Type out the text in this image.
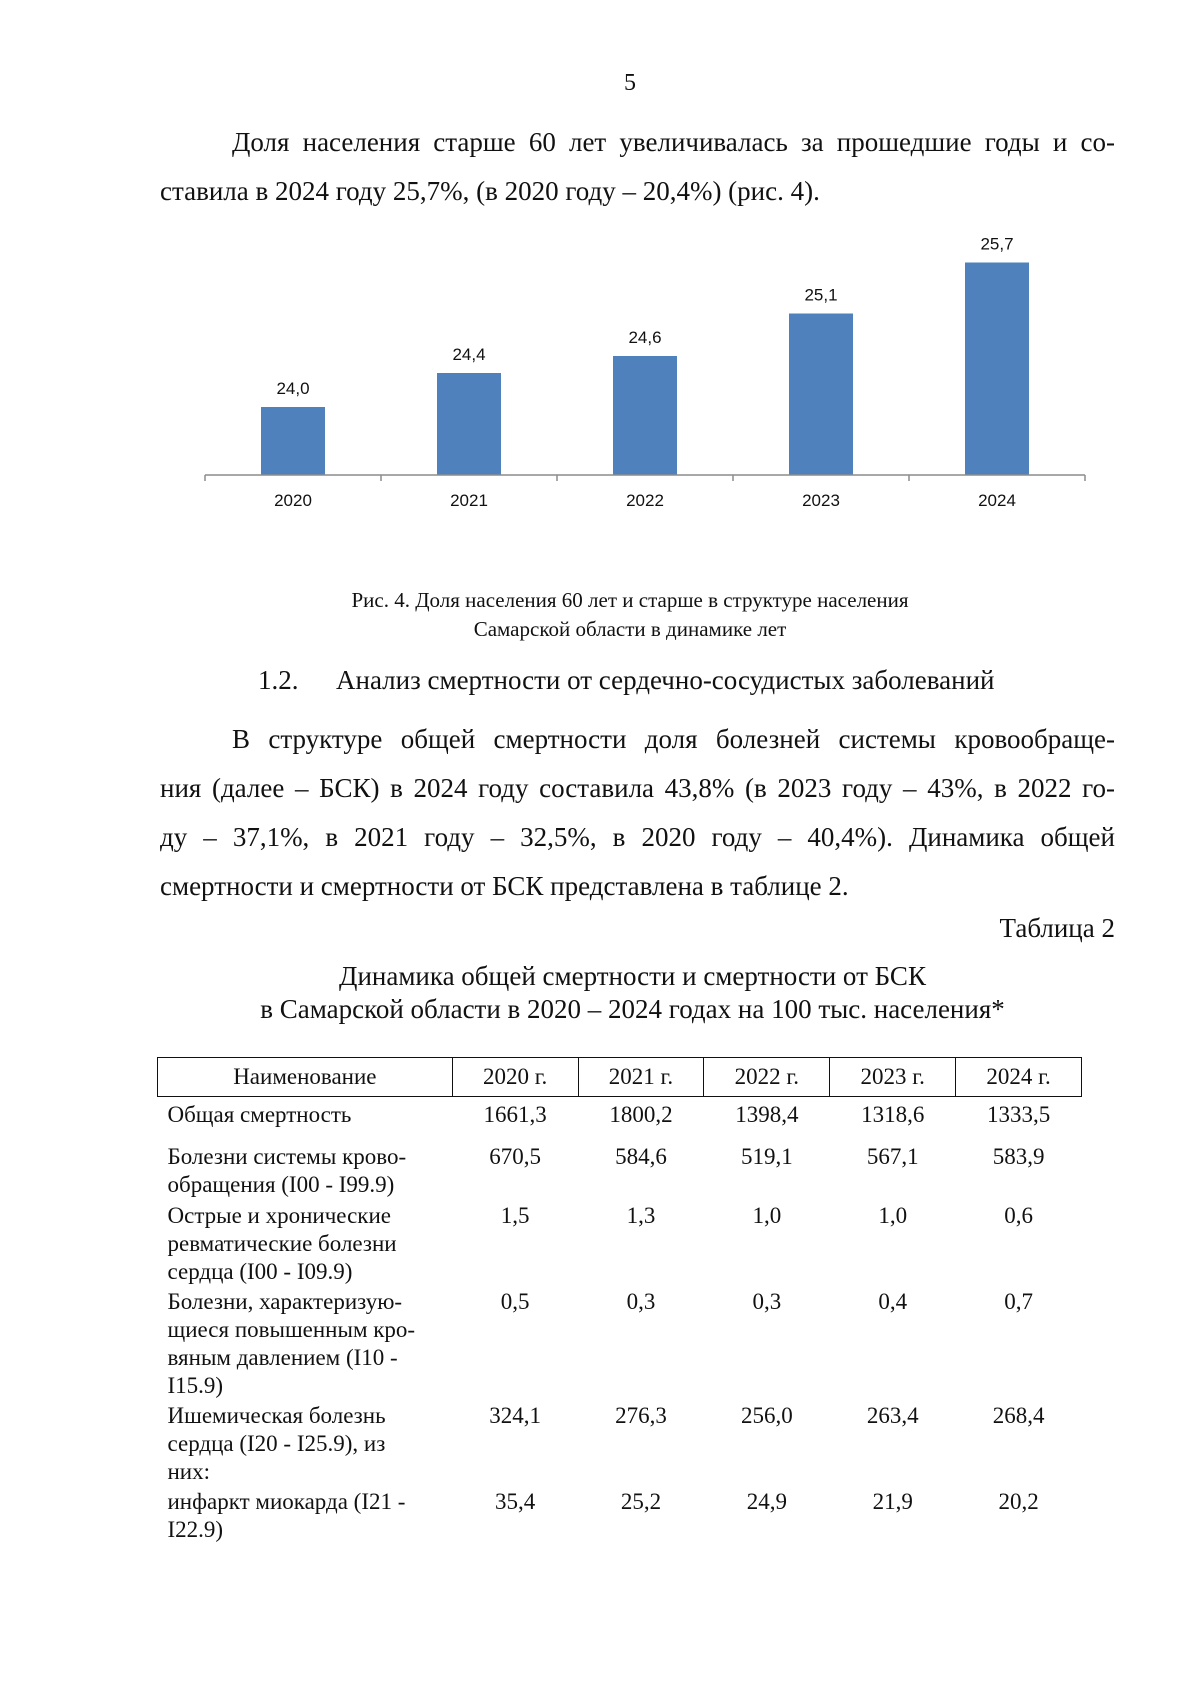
5

Доля населения старше 60 лет увеличивалась за прошедшие годы и со-
ставила в 2024 году 25,7%, (в 2020 году – 20,4%) (рис. 4).

24,0
2020
24,4
2021
24,6
2022
25,1
2023
25,7
2024
Рис. 4. Доля населения 60 лет и старше в структуре населения
Самарской области в динамике лет
1.2. Анализ смертности от сердечно-сосудистых заболеваний

В структуре общей смертности доля болезней системы кровообраще-
ния (далее – БСК) в 2024 году составила 43,8% (в 2023 году – 43%, в 2022 го-
ду – 37,1%, в 2021 году – 32,5%, в 2020 году – 40,4%). Динамика общей
смертности и смертности от БСК представлена в таблице 2.

Таблица 2
Динамика общей смертности и смертности от БСК
в Самарской области в 2020 – 2024 годах на 100 тыс. населения*
Наименование	2020 г.	2021 г.	2022 г.	2023 г.	2024 г.
Общая смертность	1661,3	1800,2	1398,4	1318,6	1333,5

Болезни системы крово-
обращения (I00 - I99.9)	670,5	584,6	519,1	567,1	583,9

Острые и хронические
ревматические болезни
сердца (I00 - I09.9)	1,5	1,3	1,0	1,0	0,6

Болезни, характеризую-
щиеся повышенным кро-
вяным давлением (I10 -
I15.9)	0,5	0,3	0,3	0,4	0,7

Ишемическая болезнь
сердца (I20 - I25.9), из
них:	324,1	276,3	256,0	263,4	268,4

инфаркт миокарда (I21 -
I22.9)	35,4	25,2	24,9	21,9	20,2
